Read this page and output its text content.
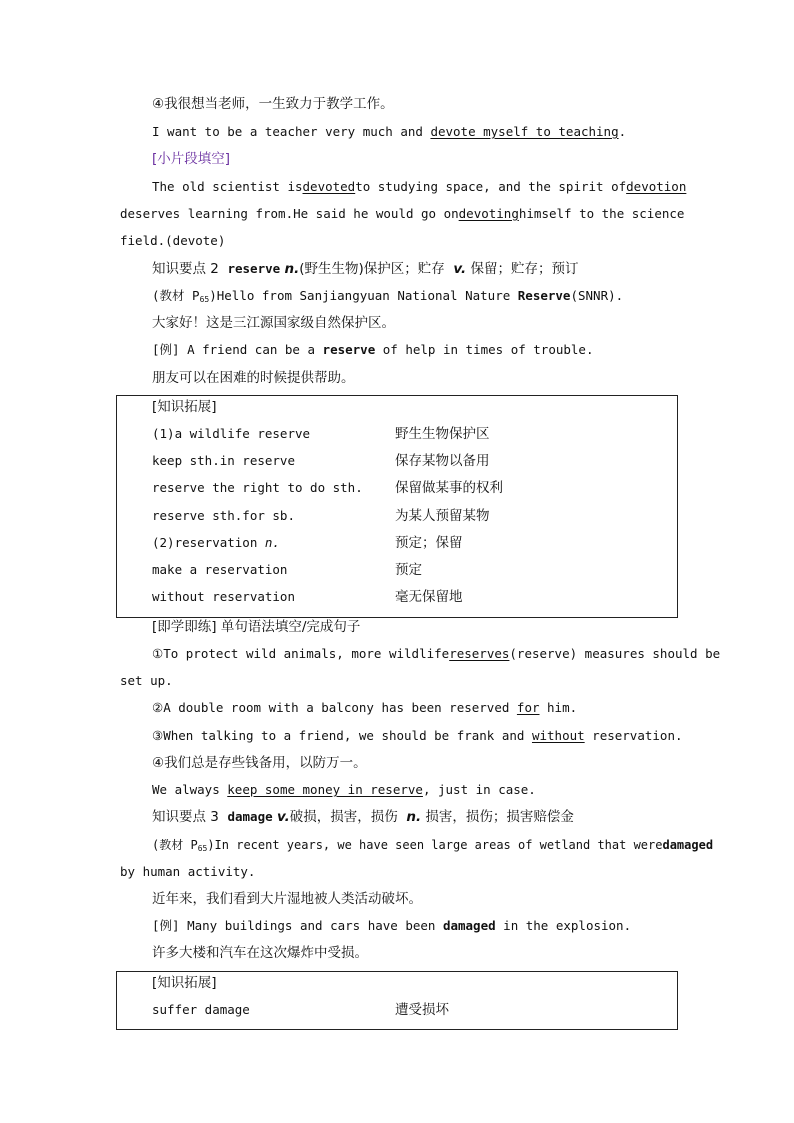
④我很想当老师，一生致力于教学工作。
I want to be a teacher very much and devote myself to teaching.
[小片段填空]
The old scientist is devoted to studying space, and the spirit of devotion
deserves learning from.He said he would go on devoting himself to the science
field.(devote)
知识要点 2 reserve n.(野生生物)保护区；贮存 v. 保留；贮存；预订
(教材 $P_{65})Hello$ from Sanjiangyuan National Nature Reserve(SNNR).
大家好！这是三江源国家级自然保护区。
[例] A friend can be a reserve of help in times of trouble.
朋友可以在困难的时候提供帮助。
[知识拓展]
(1)a wildlife reserve	野生生物保护区
keep sth.in reserve	保存某物以备用
reserve the right to do sth. 保留做某事的权利
reserve sth.for sb.	为某人预留某物
(2)reservation n.	预定；保留
make a reservation	预定
without reservation	毫无保留地
[即学即练] 单句语法填空/完成句子
①To protect wild animals, more wildlife reserves (reserve) measures should be
set up.
②A double room with a balcony has been reserved for him.
③When talking to a friend, we should be frank and without reservation.
④我们总是存些钱备用，以防万一。
We always keep some money in reserve, just in case.
知识要点 3 damage v.破损，损害，损伤 n. 损害，损伤；损害赔偿金
(教材 $P_{65})In$ recent years, we have seen large areas of wetland that were damaged
by human activity.
近年来，我们看到大片湿地被人类活动破坏。
[例] Many buildings and cars have been damaged in the explosion.
许多大楼和汽车在这次爆炸中受损。
[知识拓展]
suffer damage	遭受损坏
